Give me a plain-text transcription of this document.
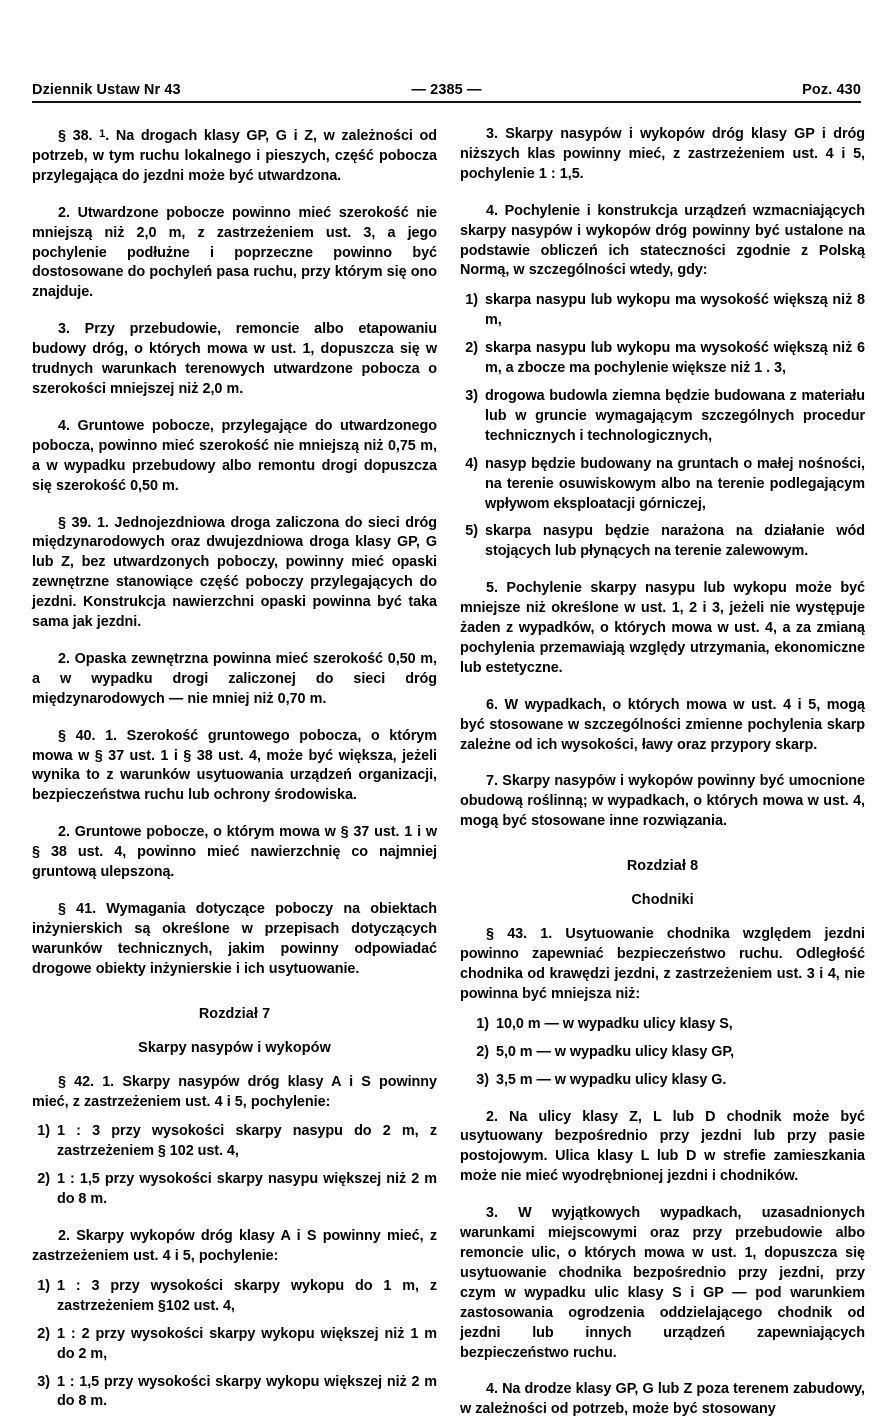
Dziennik Ustaw Nr 43	— 2385 —	Poz. 430

§ 38. $^1$. Na drogach klasy GP, G i Z, w zależności od potrzeb, w tym ruchu lokalnego i pieszych, część pobocza przylegająca do jezdni może być utwardzona.

2. Utwardzone pobocze powinno mieć szerokość nie mniejszą niż 2,0 m, z zastrzeżeniem ust. 3, a jego pochylenie podłużne i poprzeczne powinno być dostosowane do pochyleń pasa ruchu, przy którym się ono znajduje.

3. Przy przebudowie, remoncie albo etapowaniu budowy dróg, o których mowa w ust. 1, dopuszcza się w trudnych warunkach terenowych utwardzone pobocza o szerokości mniejszej niż 2,0 m.

4. Gruntowe pobocze, przylegające do utwardzonego pobocza, powinno mieć szerokość nie mniejszą niż 0,75 m, a w wypadku przebudowy albo remontu drogi dopuszcza się szerokość 0,50 m.

§ 39. 1. Jednojezdniowa droga zaliczona do sieci dróg międzynarodowych oraz dwujezdniowa droga klasy GP, G lub Z, bez utwardzonych poboczy, powinny mieć opaski zewnętrzne stanowiące część poboczy przylegających do jezdni. Konstrukcja nawierzchni opaski powinna być taka sama jak jezdni.

2. Opaska zewnętrzna powinna mieć szerokość 0,50 m, a w wypadku drogi zaliczonej do sieci dróg międzynarodowych — nie mniej niż 0,70 m.

§ 40. 1. Szerokość gruntowego pobocza, o którym mowa w § 37 ust. 1 i § 38 ust. 4, może być większa, jeżeli wynika to z warunków usytuowania urządzeń organizacji, bezpieczeństwa ruchu lub ochrony środowiska.

2. Gruntowe pobocze, o którym mowa w § 37 ust. 1 i w § 38 ust. 4, powinno mieć nawierzchnię co najmniej gruntową ulepszoną.

§ 41. Wymagania dotyczące poboczy na obiektach inżynierskich są określone w przepisach dotyczących warunków technicznych, jakim powinny odpowiadać drogowe obiekty inżynierskie i ich usytuowanie.

Rozdział 7
Skarpy nasypów i wykopów

§ 42. 1. Skarpy nasypów dróg klasy A i S powinny mieć, z zastrzeżeniem ust. 4 i 5, pochylenie:

1) 1 : 3 przy wysokości skarpy nasypu do 2 m, z zastrzeżeniem § 102 ust. 4,
2) 1 : 1,5 przy wysokości skarpy nasypu większej niż 2 m do 8 m.

2. Skarpy wykopów dróg klasy A i S powinny mieć, z zastrzeżeniem ust. 4 i 5, pochylenie:

1) 1 : 3 przy wysokości skarpy wykopu do 1 m, z zastrzeżeniem §102 ust. 4,
2) 1 : 2 przy wysokości skarpy wykopu większej niż 1 m do 2 m,
3) 1 : 1,5 przy wysokości skarpy wykopu większej niż 2 m do 8 m.

3. Skarpy nasypów i wykopów dróg klasy GP i dróg niższych klas powinny mieć, z zastrzeżeniem ust. 4 i 5, pochylenie 1 : 1,5.

4. Pochylenie i konstrukcja urządzeń wzmacniających skarpy nasypów i wykopów dróg powinny być ustalone na podstawie obliczeń ich stateczności zgodnie z Polską Normą, w szczególności wtedy, gdy:

1) skarpa nasypu lub wykopu ma wysokość większą niż 8 m,
2) skarpa nasypu lub wykopu ma wysokość większą niż 6 m, a zbocze ma pochylenie większe niż 1 . 3,
3) drogowa budowla ziemna będzie budowana z materiału lub w gruncie wymagającym szczególnych procedur technicznych i technologicznych,
4) nasyp będzie budowany na gruntach o małej nośności, na terenie osuwiskowym albo na terenie podlegającym wpływom eksploatacji górniczej,
5) skarpa nasypu będzie narażona na działanie wód stojących lub płynących na terenie zalewowym.

5. Pochylenie skarpy nasypu lub wykopu może być mniejsze niż określone w ust. 1, 2 i 3, jeżeli nie występuje żaden z wypadków, o których mowa w ust. 4, a za zmianą pochylenia przemawiają względy utrzymania, ekonomiczne lub estetyczne.

6. W wypadkach, o których mowa w ust. 4 i 5, mogą być stosowane w szczególności zmienne pochylenia skarp zależne od ich wysokości, ławy oraz przypory skarp.

7. Skarpy nasypów i wykopów powinny być umocnione obudową roślinną; w wypadkach, o których mowa w ust. 4, mogą być stosowane inne rozwiązania.

Rozdział 8
Chodniki

§ 43. 1. Usytuowanie chodnika względem jezdni powinno zapewniać bezpieczeństwo ruchu. Odległość chodnika od krawędzi jezdni, z zastrzeżeniem ust. 3 i 4, nie powinna być mniejsza niż:

1) 10,0 m — w wypadku ulicy klasy S,
2) 5,0 m — w wypadku ulicy klasy GP,
3) 3,5 m — w wypadku ulicy klasy G.

2. Na ulicy klasy Z, L lub D chodnik może być usytuowany bezpośrednio przy jezdni lub przy pasie postojowym. Ulica klasy L lub D w strefie zamieszkania może nie mieć wyodrębnionej jezdni i chodników.

3. W wyjątkowych wypadkach, uzasadnionych warunkami miejscowymi oraz przy przebudowie albo remoncie ulic, o których mowa w ust. 1, dopuszcza się usytuowanie chodnika bezpośrednio przy jezdni, przy czym w wypadku ulic klasy S i GP — pod warunkiem zastosowania ogrodzenia oddzielającego chodnik od jezdni lub innych urządzeń zapewniających bezpieczeństwo ruchu.

4. Na drodze klasy GP, G lub Z poza terenem zabudowy, w zależności od potrzeb, może być stosowany
